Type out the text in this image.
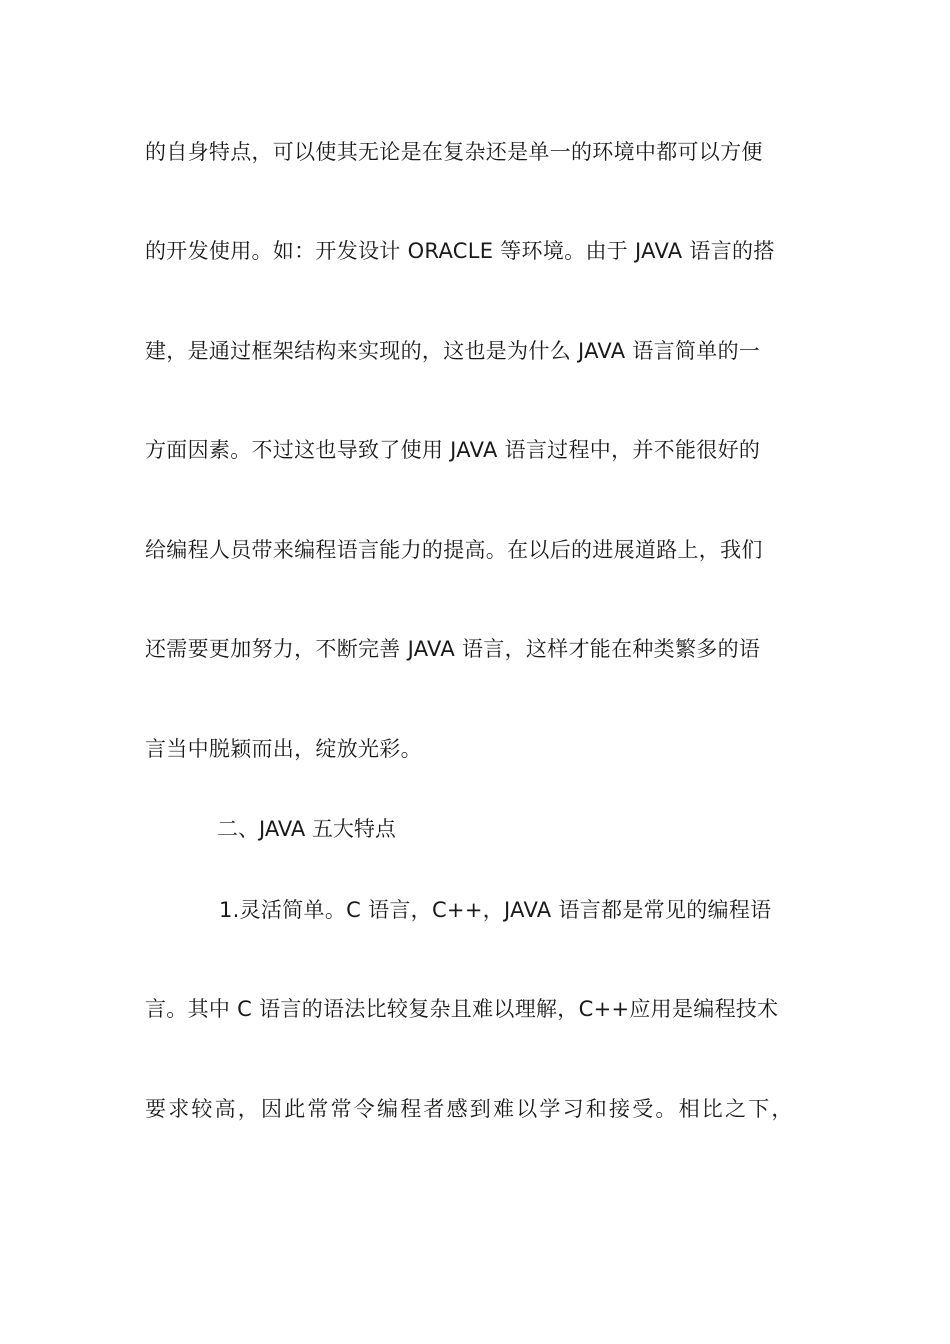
的自身特点，可以使其无论是在复杂还是单一的环境中都可以方便
的开发使用。如：开发设计 ORACLE 等环境。由于 JAVA 语言的搭
建，是通过框架结构来实现的，这也是为什么 JAVA 语言简单的一
方面因素。不过这也导致了使用 JAVA 语言过程中，并不能很好的
给编程人员带来编程语言能力的提高。在以后的进展道路上，我们
还需要更加努力，不断完善 JAVA 语言，这样才能在种类繁多的语
言当中脱颖而出，绽放光彩。
二、JAVA 五大特点
1.灵活简单。C 语言，C++，JAVA 语言都是常见的编程语
言。其中 C 语言的语法比较复杂且难以理解，C++应用是编程技术
要求较高，因此常常令编程者感到难以学习和接受。相比之下，
